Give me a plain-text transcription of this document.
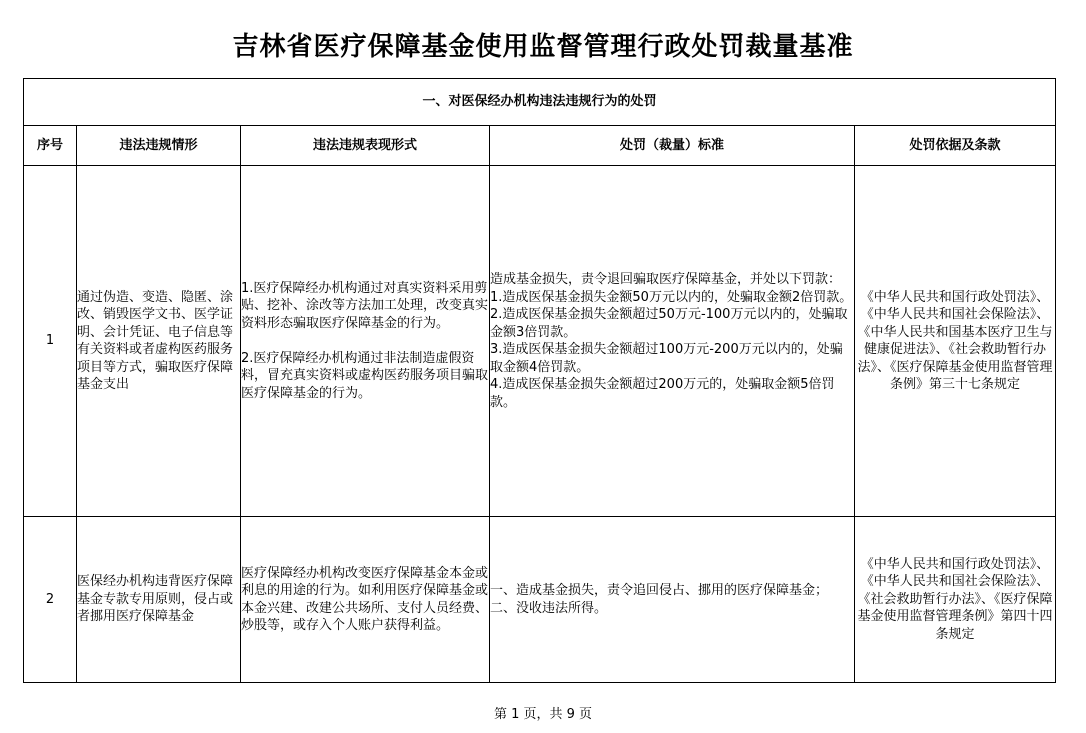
吉林省医疗保障基金使用监督管理行政处罚裁量基准
一、对医保经办机构违法违规行为的处罚				
序号	违法违规情形	违法违规表现形式	处罚（裁量）标准	处罚依据及条款
1	通过伪造、变造、隐匿、涂改、销毁医学文书、医学证明、会计凭证、电子信息等有关资料或者虚构医药服务项目等方式，骗取医疗保障基金支出	1.医疗保障经办机构通过对真实资料采用剪贴、挖补、涂改等方法加工处理，改变真实资料形态骗取医疗保障基金的行为。
2.医疗保障经办机构通过非法制造虚假资料，冒充真实资料或虚构医药服务项目骗取医疗保障基金的行为。	造成基金损失，责令退回骗取医疗保障基金，并处以下罚款：
1.造成医保基金损失金额50万元以内的，处骗取金额2倍罚款。
2.造成医保基金损失金额超过50万元-100万元以内的，处骗取金额3倍罚款。
3.造成医保基金损失金额超过100万元-200万元以内的，处骗取金额4倍罚款。
4.造成医保基金损失金额超过200万元的，处骗取金额5倍罚款。	《中华人民共和国行政处罚法》、《中华人民共和国社会保险法》、《中华人民共和国基本医疗卫生与健康促进法》、《社会救助暂行办法》、《医疗保障基金使用监督管理条例》第三十七条规定
2	医保经办机构违背医疗保障基金专款专用原则，侵占或者挪用医疗保障基金	医疗保障经办机构改变医疗保障基金本金或利息的用途的行为。如利用医疗保障基金或本金兴建、改建公共场所、支付人员经费、炒股等，或存入个人账户获得利益。	一、造成基金损失，责令追回侵占、挪用的医疗保障基金；
二、没收违法所得。	《中华人民共和国行政处罚法》、《中华人民共和国社会保险法》、《社会救助暂行办法》、《医疗保障基金使用监督管理条例》第四十四条规定
第 1 页，共 9 页
